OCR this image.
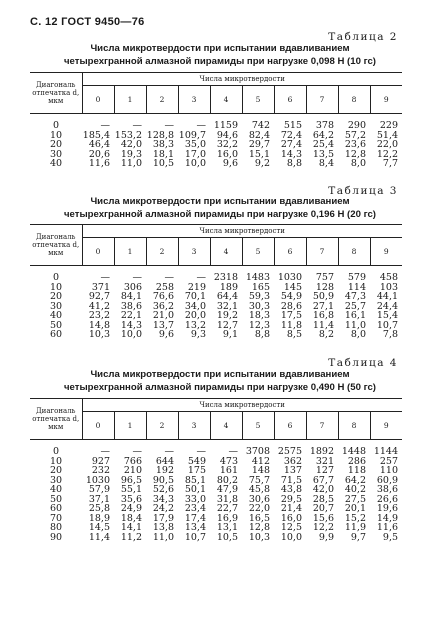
С. 12 ГОСТ 9450—76
Таблица 2
Числа микротвердости при испытании вдавливанием
четырехгранной алмазной пирамиды при нагрузке 0,098 Н (10 гс)
Диагональ отпечатка d, мкм	Числа микротвердости									
	0	1	2	3	4	5	6	7	8	9

0	—	—	—	—	1159	742	515	378	290	229
10	185,4	153,2	128,8	109,7	94,6	82,4	72,4	64,2	57,2	51,4
20	46,4	42,0	38,3	35,0	32,2	29,7	27,4	25,4	23,6	22,0
30	20,6	19,3	18,1	17,0	16,0	15,1	14,3	13,5	12,8	12,2
40	11,6	11,0	10,5	10,0	9,6	9,2	8,8	8,4	8,0	7,7
Таблица 3
Числа микротвердости при испытании вдавливанием
четырехгранной алмазной пирамиды при нагрузке 0,196 Н (20 гс)
Диагональ отпечатка d, мкм	Числа микротвердости									
	0	1	2	3	4	5	6	7	8	9

0	—	—	—	—	2318	1483	1030	757	579	458
10	371	306	258	219	189	165	145	128	114	103
20	92,7	84,1	76,6	70,1	64,4	59,3	54,9	50,9	47,3	44,1
30	41,2	38,6	36,2	34,0	32,1	30,3	28,6	27,1	25,7	24,4
40	23,2	22,1	21,0	20,0	19,2	18,3	17,5	16,8	16,1	15,4
50	14,8	14,3	13,7	13,2	12,7	12,3	11,8	11,4	11,0	10,7
60	10,3	10,0	9,6	9,3	9,1	8,8	8,5	8,2	8,0	7,8
Таблица 4
Числа микротвердости при испытании вдавливанием
четырехгранной алмазной пирамиды при нагрузке 0,490 Н (50 гс)
Диагональ отпечатка d, мкм	Числа микротвердости									
	0	1	2	3	4	5	6	7	8	9

0	—	—	—	—	—	3708	2575	1892	1448	1144
10	927	766	644	549	473	412	362	321	286	257
20	232	210	192	175	161	148	137	127	118	110
30	1030	96,5	90,5	85,1	80,2	75,7	71,5	67,7	64,2	60,9
40	57,9	55,1	52,6	50,1	47,9	45,8	43,8	42,0	40,2	38,6
50	37,1	35,6	34,3	33,0	31,8	30,6	29,5	28,5	27,5	26,6
60	25,8	24,9	24,2	23,4	22,7	22,0	21,4	20,7	20,1	19,6
70	18,9	18,4	17,9	17,4	16,9	16,5	16,0	15,6	15,2	14,9
80	14,5	14,1	13,8	13,4	13,1	12,8	12,5	12,2	11,9	11,6
90	11,4	11,2	11,0	10,7	10,5	10,3	10,0	9,9	9,7	9,5
